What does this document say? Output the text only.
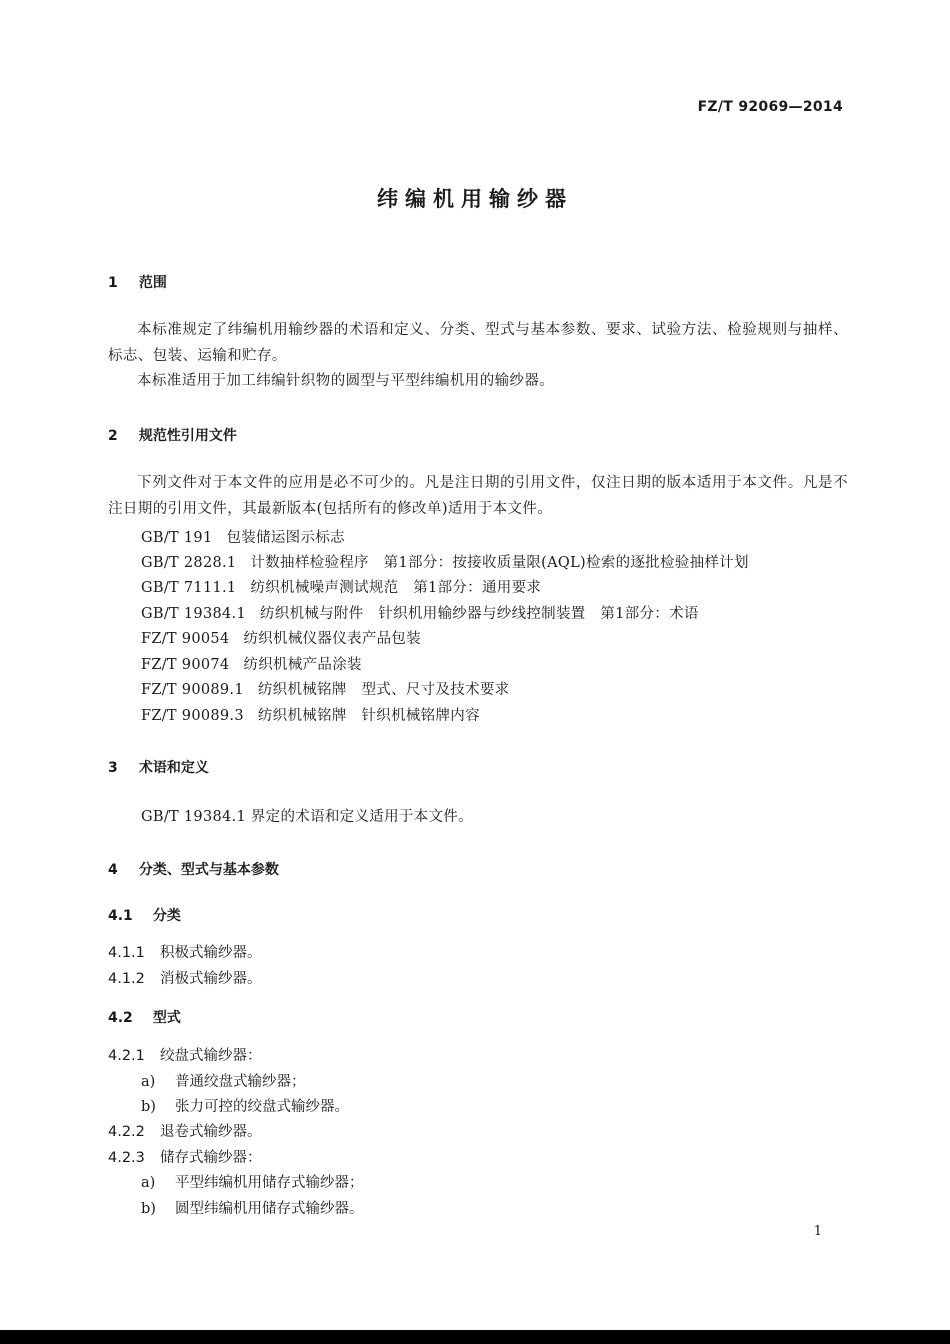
FZ/T 92069—2014
纬编机用输纱器
1 范围
本标准规定了纬编机用输纱器的术语和定义、分类、型式与基本参数、要求、试验方法、检验规则与抽样、标志、包装、运输和贮存。
本标准适用于加工纬编针织物的圆型与平型纬编机用的输纱器。
2 规范性引用文件
下列文件对于本文件的应用是必不可少的。凡是注日期的引用文件，仅注日期的版本适用于本文件。凡是不注日期的引用文件，其最新版本(包括所有的修改单)适用于本文件。
GB/T 191 包装储运图示标志
GB/T 2828.1 计数抽样检验程序　第1部分：按接收质量限(AQL)检索的逐批检验抽样计划
GB/T 7111.1 纺织机械噪声测试规范　第1部分：通用要求
GB/T 19384.1 纺织机械与附件　针织机用输纱器与纱线控制装置　第1部分：术语
FZ/T 90054 纺织机械仪器仪表产品包装
FZ/T 90074 纺织机械产品涂装
FZ/T 90089.1 纺织机械铭牌　型式、尺寸及技术要求
FZ/T 90089.3 纺织机械铭牌　针织机械铭牌内容
3 术语和定义
GB/T 19384.1 界定的术语和定义适用于本文件。
4 分类、型式与基本参数
4.1 分类
4.1.1 积极式输纱器。
4.1.2 消极式输纱器。
4.2 型式
4.2.1 绞盘式输纱器：
a) 普通绞盘式输纱器；
b) 张力可控的绞盘式输纱器。
4.2.2 退卷式输纱器。
4.2.3 储存式输纱器：
a) 平型纬编机用储存式输纱器；
b) 圆型纬编机用储存式输纱器。
1
